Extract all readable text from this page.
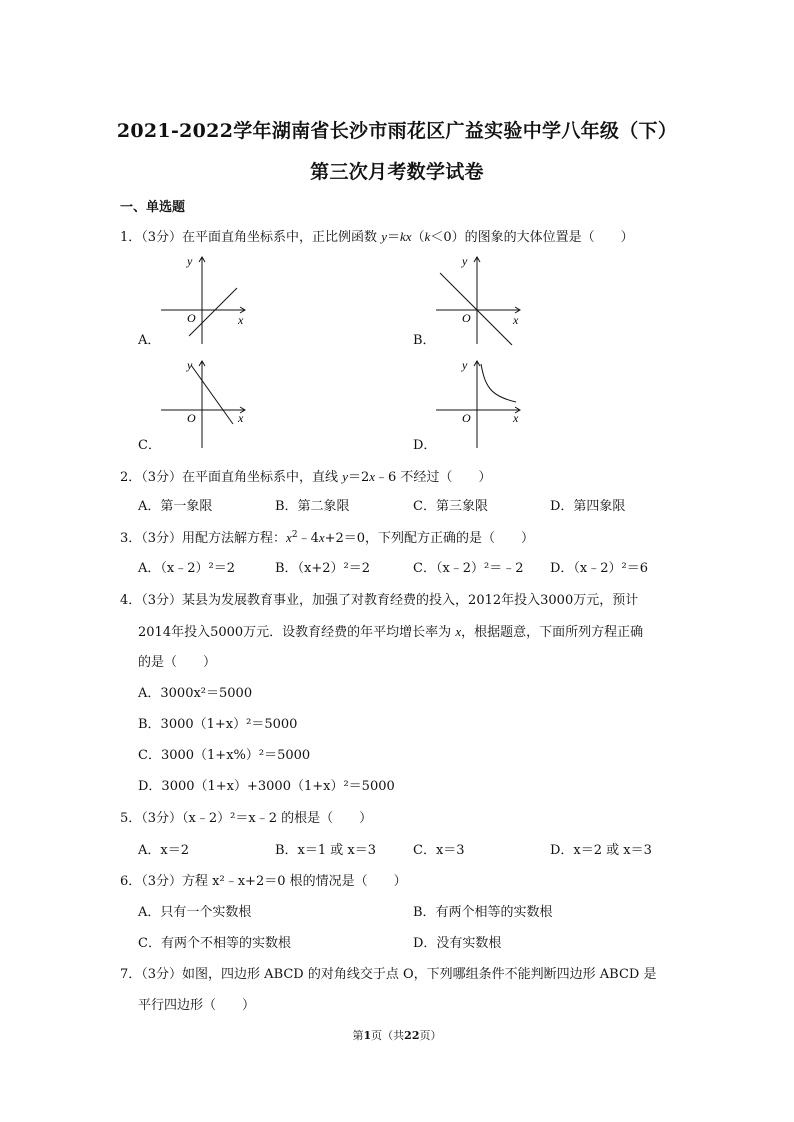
2021-2022学年湖南省长沙市雨花区广益实验中学八年级（下）
第三次月考数学试卷
一、单选题
1．（3分）在平面直角坐标系中，正比例函数 y＝kx（k＜0）的图象的大体位置是（　　）
y
x
O
A．
y
x
O
B．
y
x
O
C．
y
x
O
D．
2．（3分）在平面直角坐标系中，直线 y＝2x﹣6 不经过（　　）
A．第一象限	B．第二象限	C．第三象限	D．第四象限
3．（3分）用配方法解方程：$x^2﹣4x+2=0$，下列配方正确的是（　　）
A．（x﹣2）²＝2	B．（x+2）²＝2	C．（x﹣2）²＝﹣2 D．（x﹣2）²＝6
4．（3分）某县为发展教育事业，加强了对教育经费的投入，2012年投入3000万元，预计
2014年投入5000万元．设教育经费的年平均增长率为 x，根据题意，下面所列方程正确
的是（　　）
A．3000x²＝5000
B．3000（1+x）²＝5000
C．3000（1+x%）²＝5000
D．3000（1+x）+3000（1+x）²＝5000
5．（3分）（x﹣2）²＝x﹣2 的根是（　　）
A．x＝2	B．x＝1 或 x＝3	C．x＝3	D．x＝2 或 x＝3
6．（3分）方程 x²﹣x+2＝0 根的情况是（　　）
A．只有一个实数根	B．有两个相等的实数根
C．有两个不相等的实数根	D．没有实数根
7．（3分）如图，四边形 ABCD 的对角线交于点 O，下列哪组条件不能判断四边形 ABCD 是
平行四边形（　　）
第1页（共22页）
